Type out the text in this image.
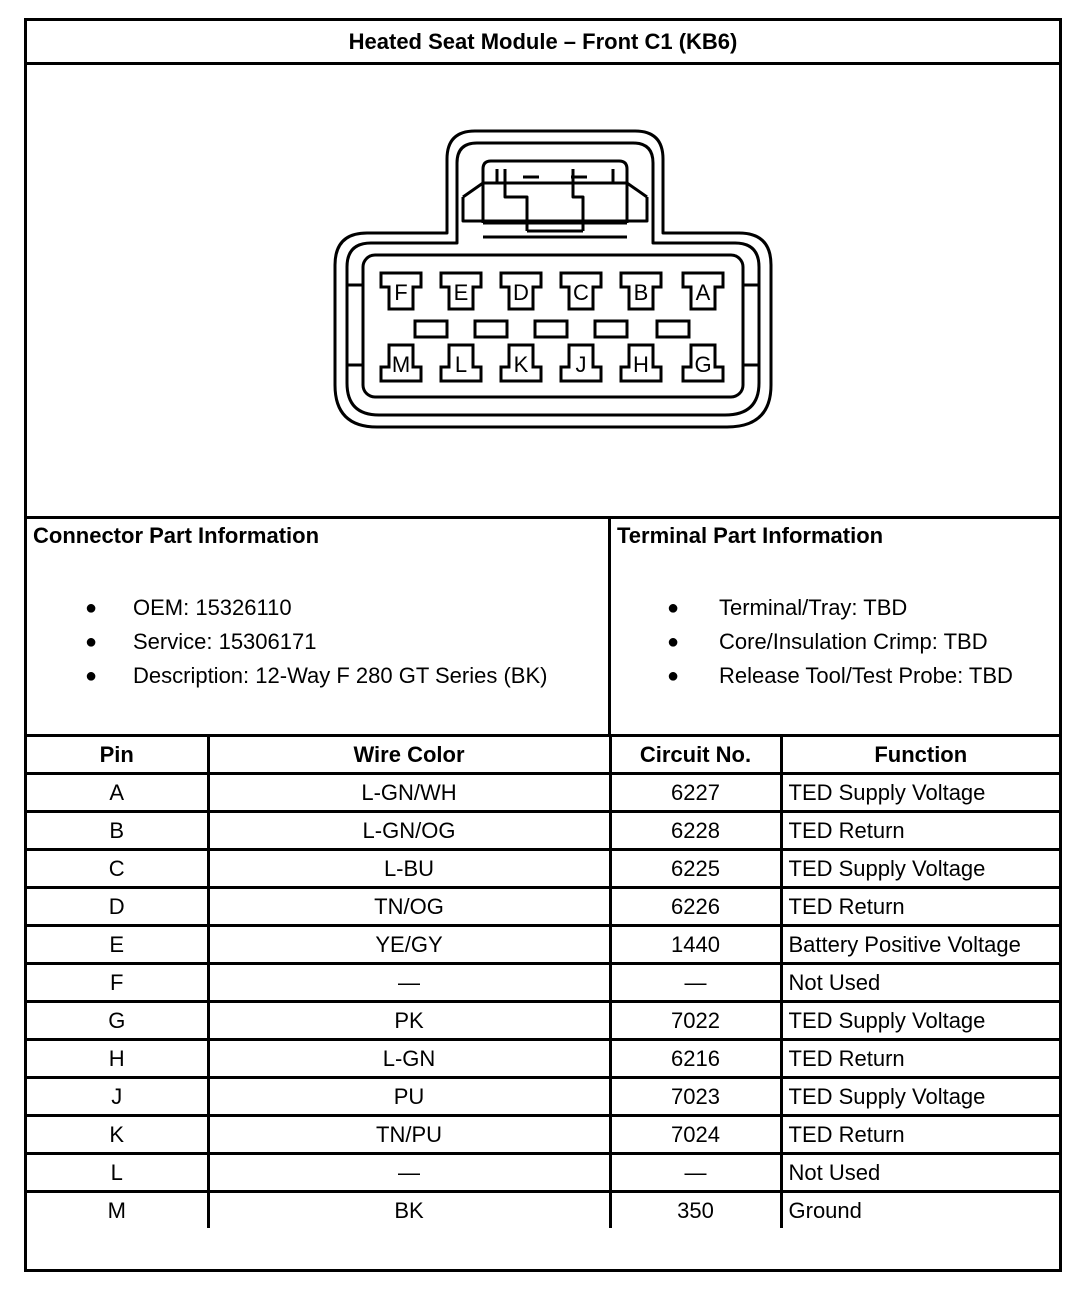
Heated Seat Module – Front C1 (KB6)
F E D C B A
M L K J H G
Connector Part Information
● OEM: 15326110
● Service: 15306171
● Description: 12-Way F 280 GT Series (BK)
Terminal Part Information
● Terminal/Tray: TBD
● Core/Insulation Crimp: TBD
● Release Tool/Test Probe: TBD
Pin	Wire Color	Circuit No.	Function
A	L-GN/WH	6227	TED Supply Voltage
B	L-GN/OG	6228	TED Return
C	L-BU	6225	TED Supply Voltage
D	TN/OG	6226	TED Return
E	YE/GY	1440	Battery Positive Voltage
F	—	—	Not Used
G	PK	7022	TED Supply Voltage
H	L-GN	6216	TED Return
J	PU	7023	TED Supply Voltage
K	TN/PU	7024	TED Return
L	—	—	Not Used
M	BK	350	Ground
